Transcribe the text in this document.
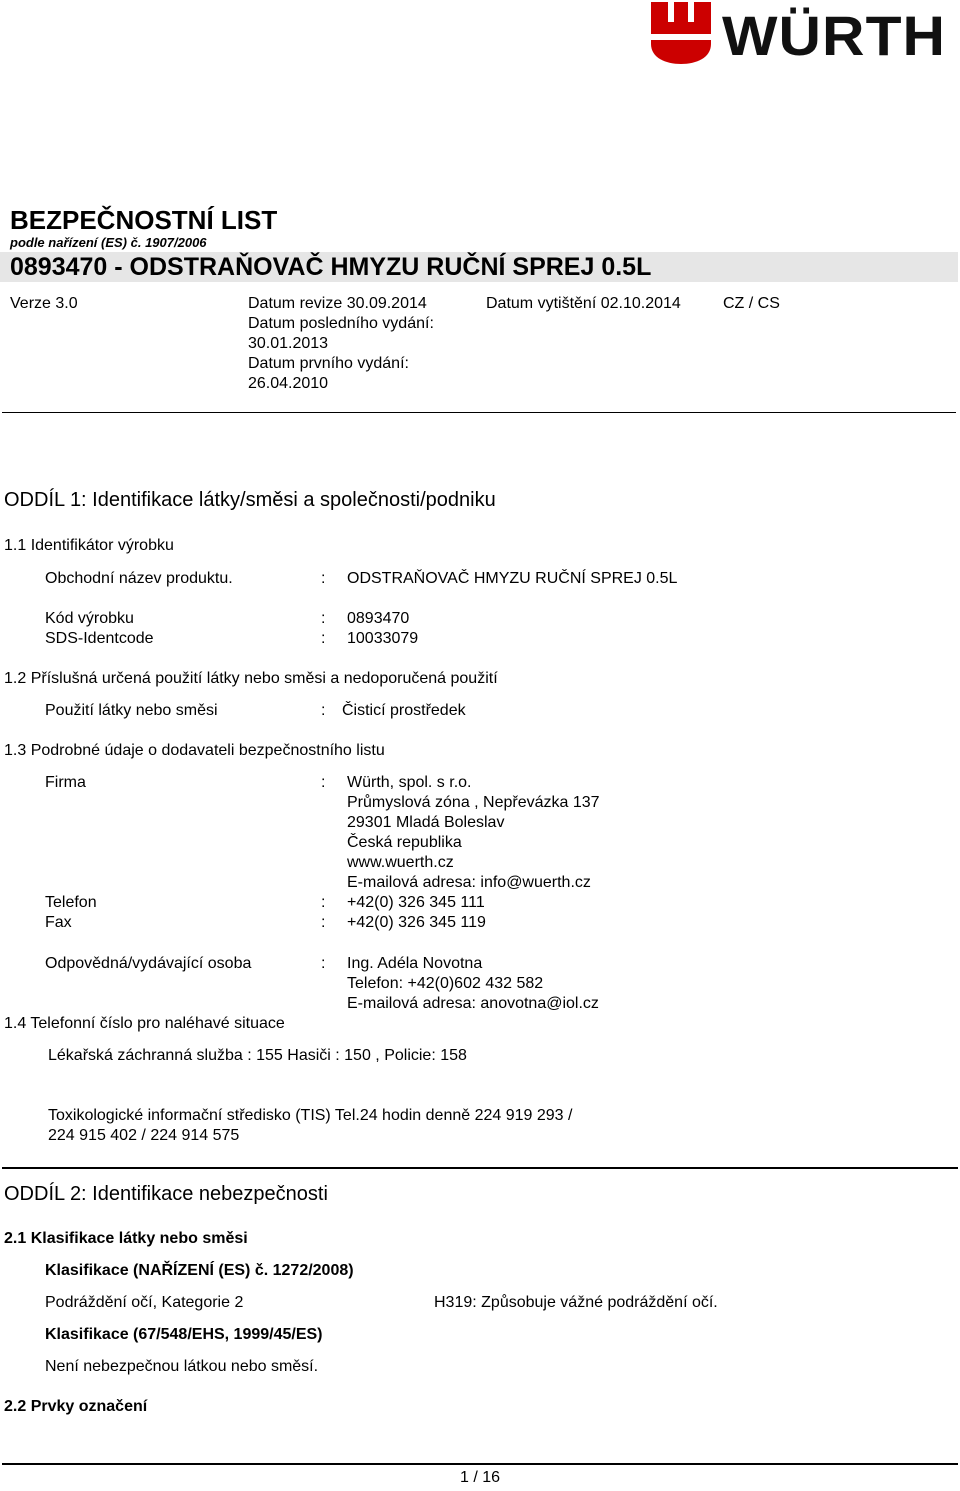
WÜRTH
BEZPEČNOSTNÍ LIST
podle nařízení (ES) č. 1907/2006
0893470 - ODSTRAŇOVAČ HMYZU RUČNÍ SPREJ 0.5L
Verze 3.0	Datum revize 30.09.2014
Datum posledního vydání:
30.01.2013
Datum prvního vydání:
26.04.2010
Datum vytištění 02.10.2014	CZ / CS
ODDÍL 1: Identifikace látky/směsi a společnosti/podniku
1.1 Identifikátor výrobku
Obchodní název produktu.	: ODSTRAŇOVAČ HMYZU RUČNÍ SPREJ 0.5L
Kód výrobku	: 0893470
SDS-Identcode	: 10033079
1.2 Příslušná určená použití látky nebo směsi a nedoporučená použití
Použití látky nebo směsi	: Čisticí prostředek
1.3 Podrobné údaje o dodavateli bezpečnostního listu
Firma	: Würth, spol. s r.o.
Průmyslová zóna , Nepřevázka 137
29301 Mladá Boleslav
Česká republika
www.wuerth.cz
E-mailová adresa: info@wuerth.cz
Telefon	: +42(0) 326 345 111
Fax	: +42(0) 326 345 119
Odpovědná/vydávající osoba	: Ing. Adéla Novotna
Telefon: +42(0)602 432 582
E-mailová adresa: anovotna@iol.cz
1.4 Telefonní číslo pro naléhavé situace
Lékařská záchranná služba : 155 Hasiči : 150 , Policie: 158
Toxikologické informační středisko (TIS) Tel.24 hodin denně 224 919 293 /
224 915 402 / 224 914 575
ODDÍL 2: Identifikace nebezpečnosti
2.1 Klasifikace látky nebo směsi
Klasifikace (NAŘÍZENÍ (ES) č. 1272/2008)
Podráždění očí, Kategorie 2	H319: Způsobuje vážné podráždění očí.
Klasifikace (67/548/EHS, 1999/45/ES)
Není nebezpečnou látkou nebo směsí.
2.2 Prvky označení
1 / 16
